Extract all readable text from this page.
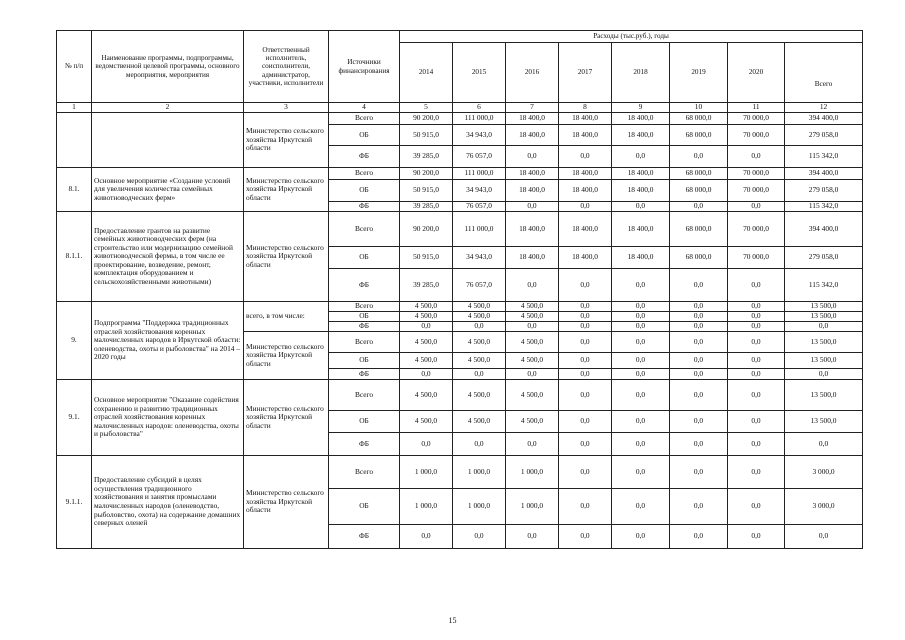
№ п/п	Наименование программы, подпрограммы, ведомственной целевой программы, основного мероприятия, мероприятия	Ответственный исполнитель, соисполнители, администратор, участники, исполнители	Источники финансирования	Расходы (тыс.руб.), годы							
				2014	2015	2016	2017	2018	2019	2020	Всего
1	2	3	4	5	6	7	8	9	10	11	12
		Министерство сельского хозяйства Иркутской области	Всего	90 200,0	111 000,0	18 400,0	18 400,0	18 400,0	68 000,0	70 000,0	394 400,0
			ОБ	50 915,0	34 943,0	18 400,0	18 400,0	18 400,0	68 000,0	70 000,0	279 058,0
			ФБ	39 285,0	76 057,0	0,0	0,0	0,0	0,0	0,0	115 342,0
8.1.	Основное мероприятие «Создание условий для увеличения количества семейных животноводческих ферм»	Министерство сельского хозяйства Иркутской области	Всего	90 200,0	111 000,0	18 400,0	18 400,0	18 400,0	68 000,0	70 000,0	394 400,0
			ОБ	50 915,0	34 943,0	18 400,0	18 400,0	18 400,0	68 000,0	70 000,0	279 058,0
			ФБ	39 285,0	76 057,0	0,0	0,0	0,0	0,0	0,0	115 342,0
8.1.1.	Предоставление грантов на развитие семейных животноводческих ферм (на строительство или модернизацию семейной животноводческой фермы, в том числе ее проектирование, возведение, ремонт, комплектация оборудованием и сельскохозяйственными животными)	Министерство сельского хозяйства Иркутской области	Всего	90 200,0	111 000,0	18 400,0	18 400,0	18 400,0	68 000,0	70 000,0	394 400,0
			ОБ	50 915,0	34 943,0	18 400,0	18 400,0	18 400,0	68 000,0	70 000,0	279 058,0
			ФБ	39 285,0	76 057,0	0,0	0,0	0,0	0,0	0,0	115 342,0
9.	Подпрограмма "Поддержка традиционных отраслей хозяйствования коренных малочисленных народов в Иркутской области: оленеводства, охоты и рыболовства" на 2014 – 2020 годы	всего, в том числе:	Всего	4 500,0	4 500,0	4 500,0	0,0	0,0	0,0	0,0	13 500,0
			ОБ	4 500,0	4 500,0	4 500,0	0,0	0,0	0,0	0,0	13 500,0
			ФБ	0,0	0,0	0,0	0,0	0,0	0,0	0,0	0,0
		Министерство сельского хозяйства Иркутской области	Всего	4 500,0	4 500,0	4 500,0	0,0	0,0	0,0	0,0	13 500,0
			ОБ	4 500,0	4 500,0	4 500,0	0,0	0,0	0,0	0,0	13 500,0
			ФБ	0,0	0,0	0,0	0,0	0,0	0,0	0,0	0,0
9.1.	Основное мероприятие "Оказание содействия сохранению и развитию традиционных отраслей хозяйствования коренных малочисленных народов: оленеводства, охоты и рыболовства"	Министерство сельского хозяйства Иркутской области	Всего	4 500,0	4 500,0	4 500,0	0,0	0,0	0,0	0,0	13 500,0
			ОБ	4 500,0	4 500,0	4 500,0	0,0	0,0	0,0	0,0	13 500,0
			ФБ	0,0	0,0	0,0	0,0	0,0	0,0	0,0	0,0
9.1.1.	Предоставление субсидий в целях осуществления традиционного хозяйствования и занятия промыслами малочисленных народов (оленеводство, рыболовство, охота) на содержание домашних северных оленей	Министерство сельского хозяйства Иркутской области	Всего	1 000,0	1 000,0	1 000,0	0,0	0,0	0,0	0,0	3 000,0
			ОБ	1 000,0	1 000,0	1 000,0	0,0	0,0	0,0	0,0	3 000,0
			ФБ	0,0	0,0	0,0	0,0	0,0	0,0	0,0	0,0
15
